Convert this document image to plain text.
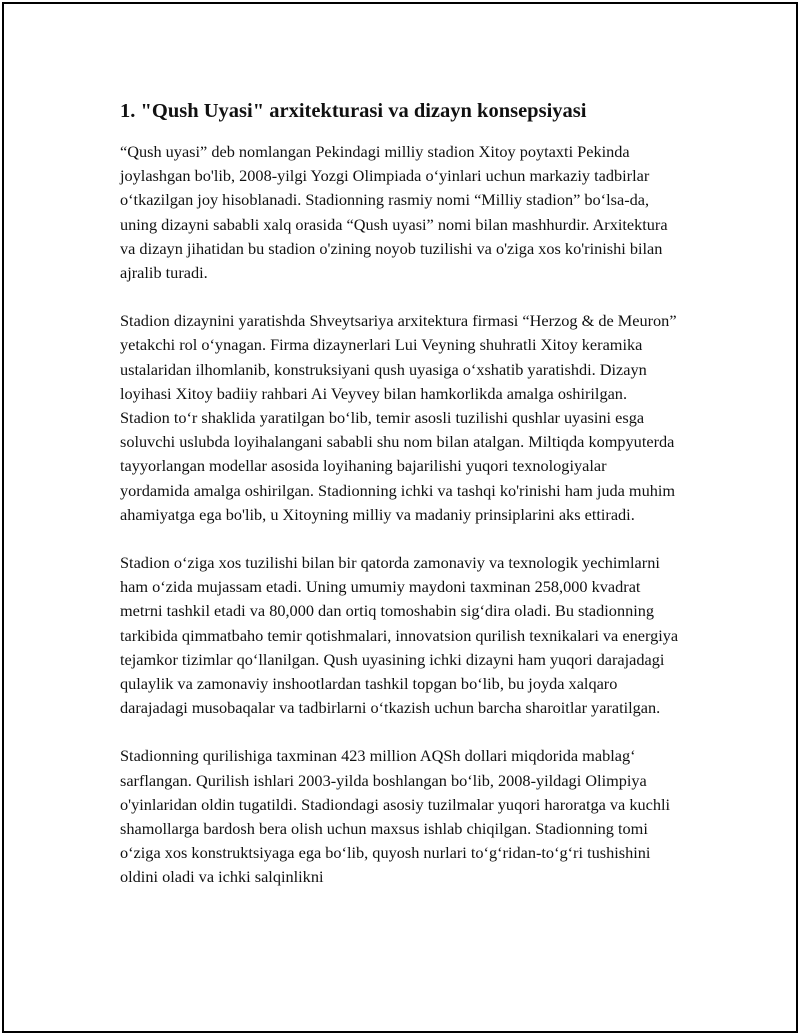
1. "Qush Uyasi" arxitekturasi va dizayn konsepsiyasi

“Qush uyasi” deb nomlangan Pekindagi milliy stadion Xitoy poytaxti Pekinda joylashgan bo'lib, 2008-yilgi Yozgi Olimpiada o‘yinlari uchun markaziy tadbirlar o‘tkazilgan joy hisoblanadi. Stadionning rasmiy nomi “Milliy stadion” bo‘lsa-da, uning dizayni sababli xalq orasida “Qush uyasi” nomi bilan mashhurdir. Arxitektura va dizayn jihatidan bu stadion o'zining noyob tuzilishi va o'ziga xos ko'rinishi bilan ajralib turadi.

Stadion dizaynini yaratishda Shveytsariya arxitektura firmasi “Herzog & de Meuron” yetakchi rol o‘ynagan. Firma dizaynerlari Lui Veyning shuhratli Xitoy keramika ustalaridan ilhomlanib, konstruksiyani qush uyasiga o‘xshatib yaratishdi. Dizayn loyihasi Xitoy badiiy rahbari Ai Veyvey bilan hamkorlikda amalga oshirilgan. Stadion to‘r shaklida yaratilgan bo‘lib, temir asosli tuzilishi qushlar uyasini esga soluvchi uslubda loyihalangani sababli shu nom bilan atalgan. Miltiqda kompyuterda tayyorlangan modellar asosida loyihaning bajarilishi yuqori texnologiyalar yordamida amalga oshirilgan. Stadionning ichki va tashqi ko'rinishi ham juda muhim ahamiyatga ega bo'lib, u Xitoyning milliy va madaniy prinsiplarini aks ettiradi.

Stadion o‘ziga xos tuzilishi bilan bir qatorda zamonaviy va texnologik yechimlarni ham o‘zida mujassam etadi. Uning umumiy maydoni taxminan 258,000 kvadrat metrni tashkil etadi va 80,000 dan ortiq tomoshabin sig‘dira oladi. Bu stadionning tarkibida qimmatbaho temir qotishmalari, innovatsion qurilish texnikalari va energiya tejamkor tizimlar qo‘llanilgan. Qush uyasining ichki dizayni ham yuqori darajadagi qulaylik va zamonaviy inshootlardan tashkil topgan bo‘lib, bu joyda xalqaro darajadagi musobaqalar va tadbirlarni o‘tkazish uchun barcha sharoitlar yaratilgan.

Stadionning qurilishiga taxminan 423 million AQSh dollari miqdorida mablag‘ sarflangan. Qurilish ishlari 2003-yilda boshlangan bo‘lib, 2008-yildagi Olimpiya o'yinlaridan oldin tugatildi. Stadiondagi asosiy tuzilmalar yuqori haroratga va kuchli shamollarga bardosh bera olish uchun maxsus ishlab chiqilgan. Stadionning tomi o‘ziga xos konstruktsiyaga ega bo‘lib, quyosh nurlari to‘g‘ridan-to‘g‘ri tushishini oldini oladi va ichki salqinlikni
